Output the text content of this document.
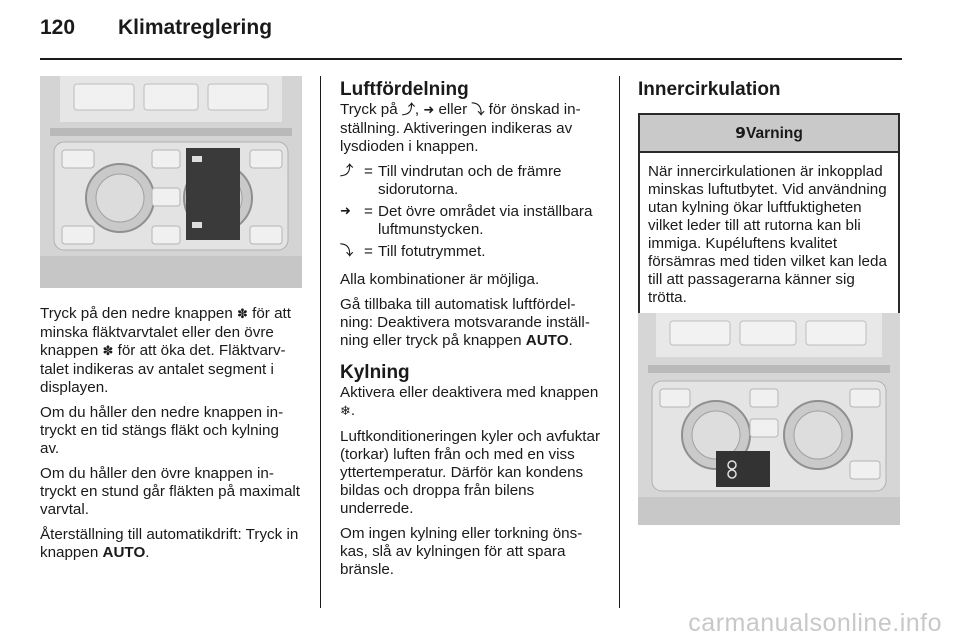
120 Klimatreglering

Tryck på den nedre knappen ✽ för att minska fläktvarvtalet eller den övre knappen ✽ för att öka det. Fläktvarvtalet indikeras av antalet segment i displayen.

Om du håller den nedre knappen intryckt en tid stängs fläkt och kylning av.

Om du håller den övre knappen intryckt en stund går fläkten på maximalt varvtal.

Återställning till automatikdrift: Tryck in knappen AUTO.

Luftfördelning

Tryck på ⤴, ➜ eller ⤵ för önskad inställning. Aktiveringen indikeras av lysdioden i knappen.

⤴ = Till vindrutan och de främre sidorutorna.
➜ = Det övre området via inställbara luftmunstycken.
⤵ = Till fotutrymmet.

Alla kombinationer är möjliga.

Gå tillbaka till automatisk luftfördelning: Deaktivera motsvarande inställning eller tryck på knappen AUTO.

Kylning

Aktivera eller deaktivera med knappen ❄.

Luftkonditioneringen kyler och avfuktar (torkar) luften från och med en viss yttertemperatur. Därför kan kondens bildas och droppa från bilens underrede.

Om ingen kylning eller torkning önskas, slå av kylningen för att spara bränsle.

Innercirkulation
9Varning
När innercirkulationen är inkopplad minskas luftutbytet. Vid användning utan kylning ökar luftfuktigheten vilket leder till att rutorna kan bli immiga. Kupéluftens kvalitet försämras med tiden vilket kan leda till att passagerarna känner sig trötta.
carmanualsonline.info
